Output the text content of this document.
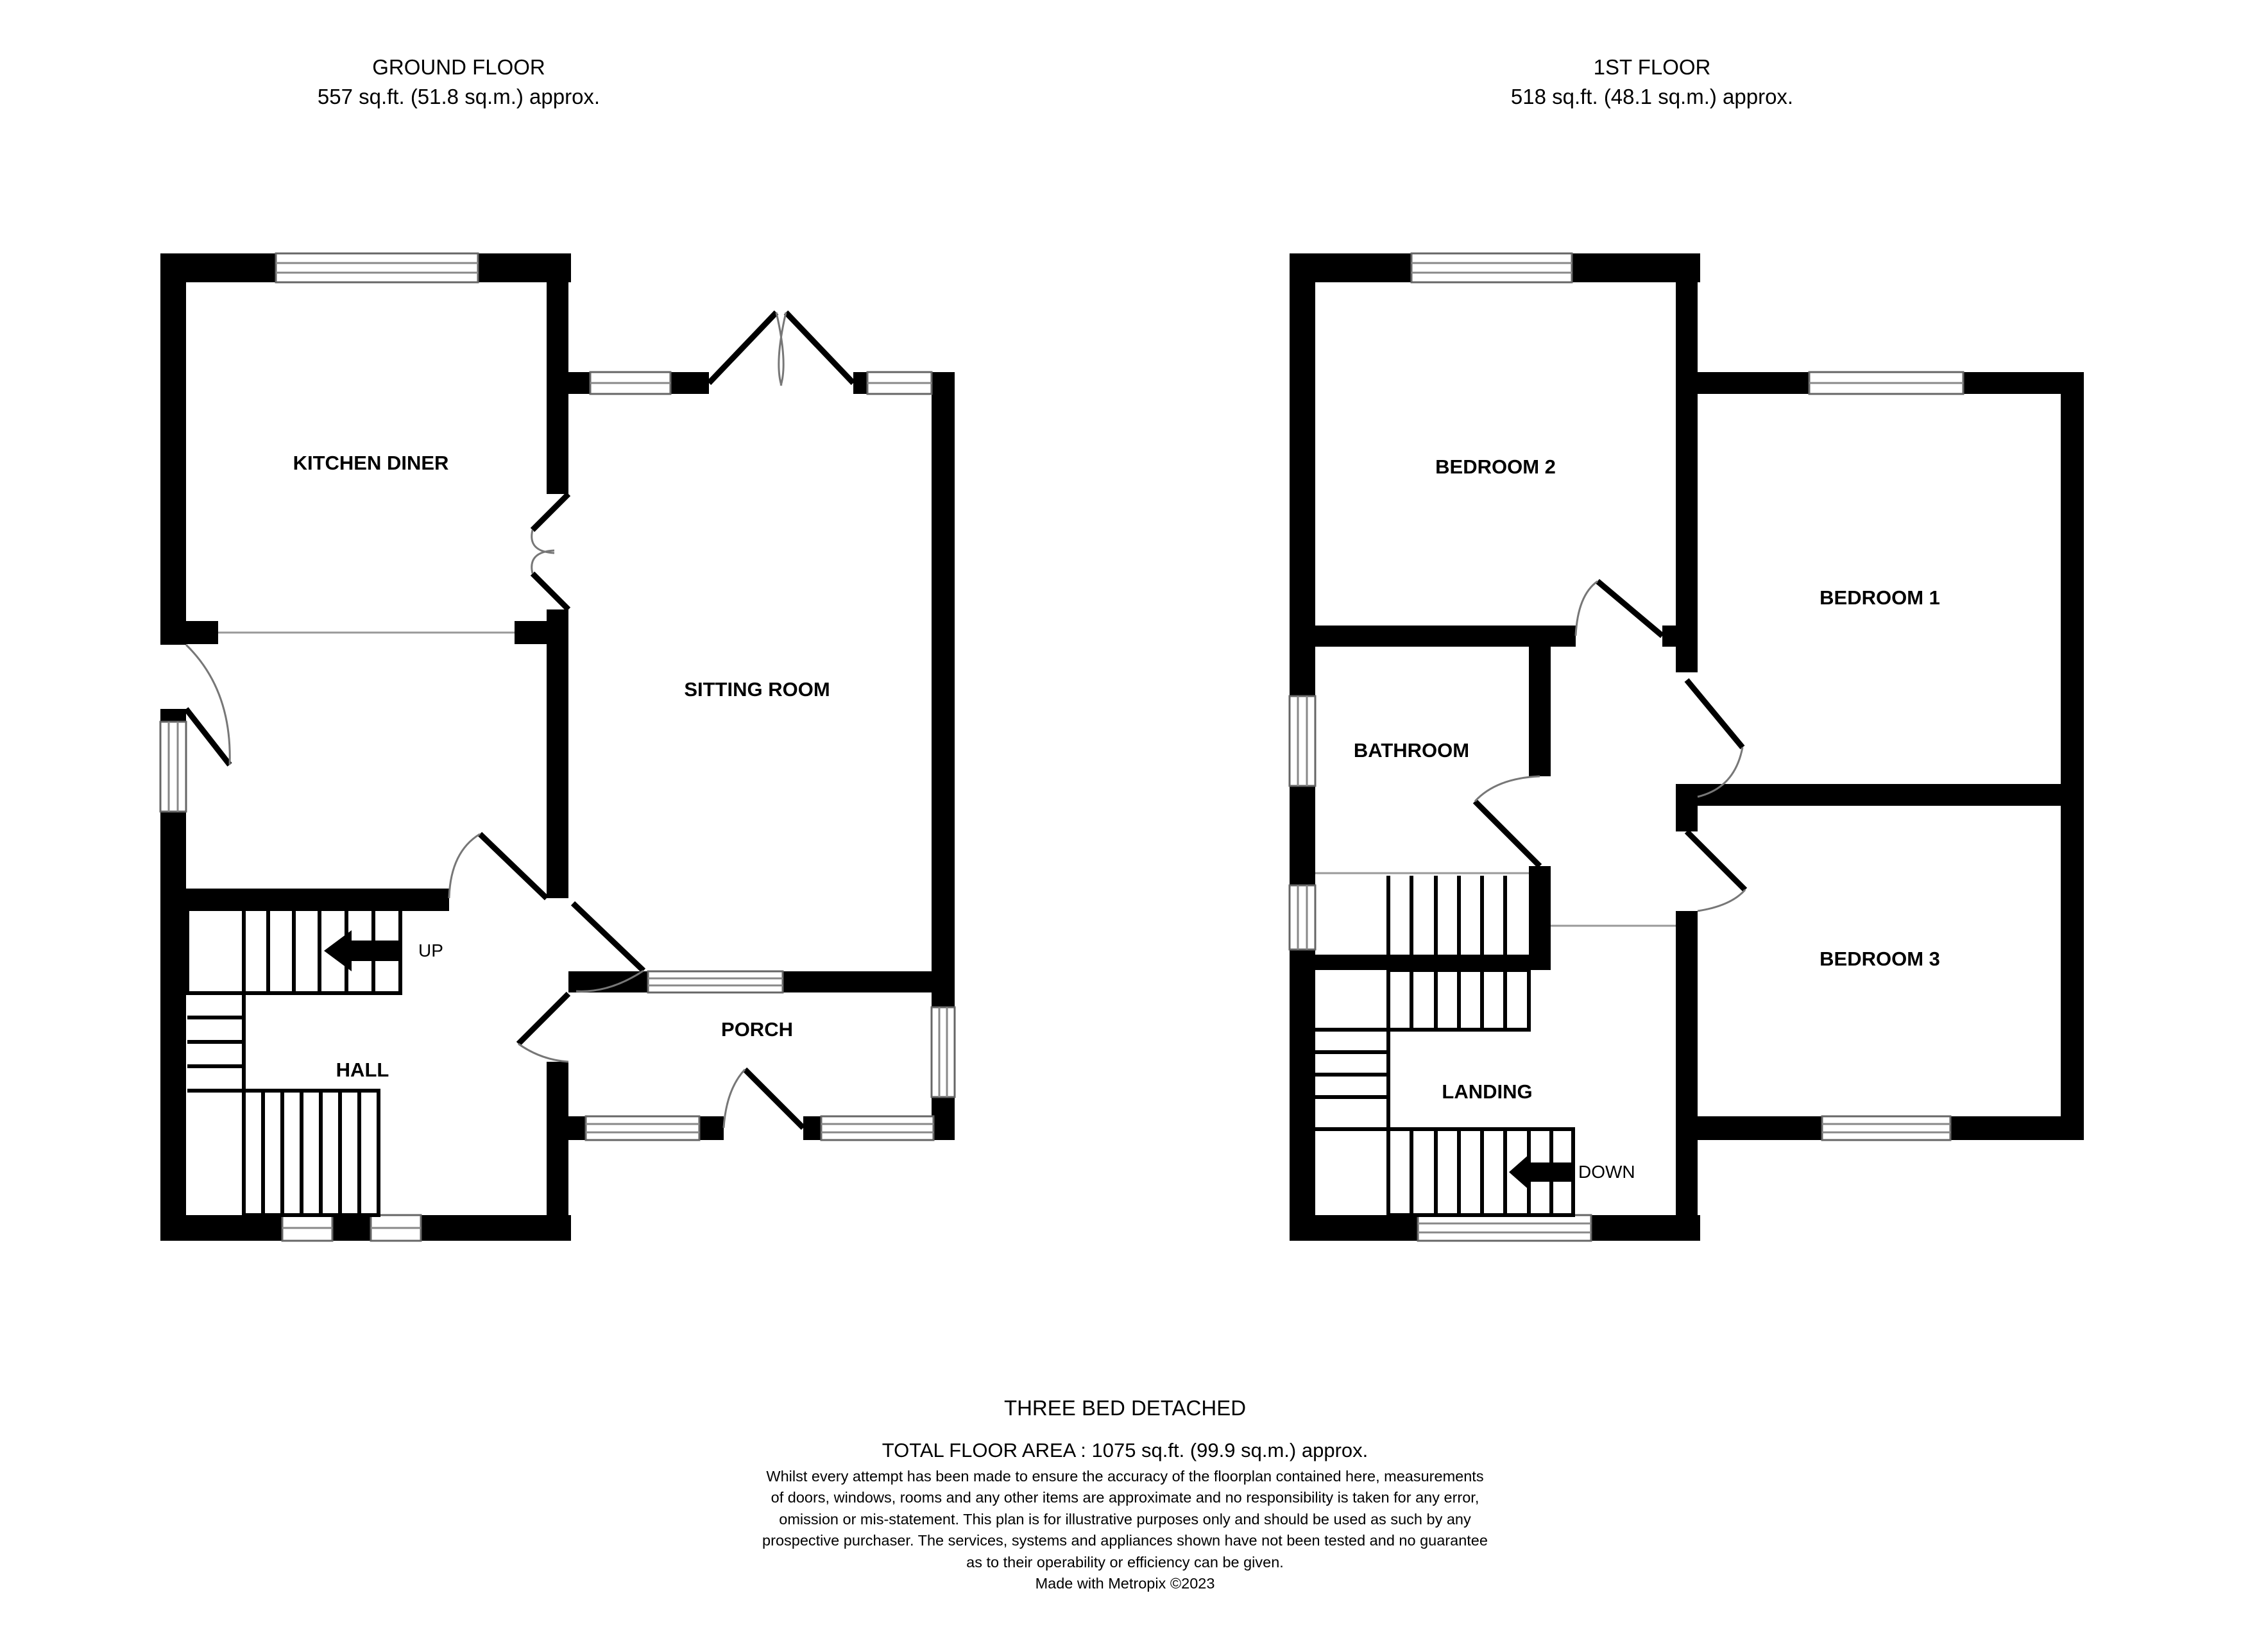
GROUND FLOOR
557 sq.ft. (51.8 sq.m.) approx.
1ST FLOOR
518 sq.ft. (48.1 sq.m.) approx.
KITCHEN DINER
SITTING ROOM
HALL
PORCH
UP
BEDROOM 2
BEDROOM 1
BATHROOM
BEDROOM 3
LANDING
DOWN
THREE BED DETACHED
TOTAL FLOOR AREA : 1075 sq.ft. (99.9 sq.m.) approx.
Whilst every attempt has been made to ensure the accuracy of the floorplan contained here, measurements
of doors, windows, rooms and any other items are approximate and no responsibility is taken for any error,
omission or mis-statement. This plan is for illustrative purposes only and should be used as such by any
prospective purchaser. The services, systems and appliances shown have not been tested and no guarantee
as to their operability or efficiency can be given.
Made with Metropix ©2023
